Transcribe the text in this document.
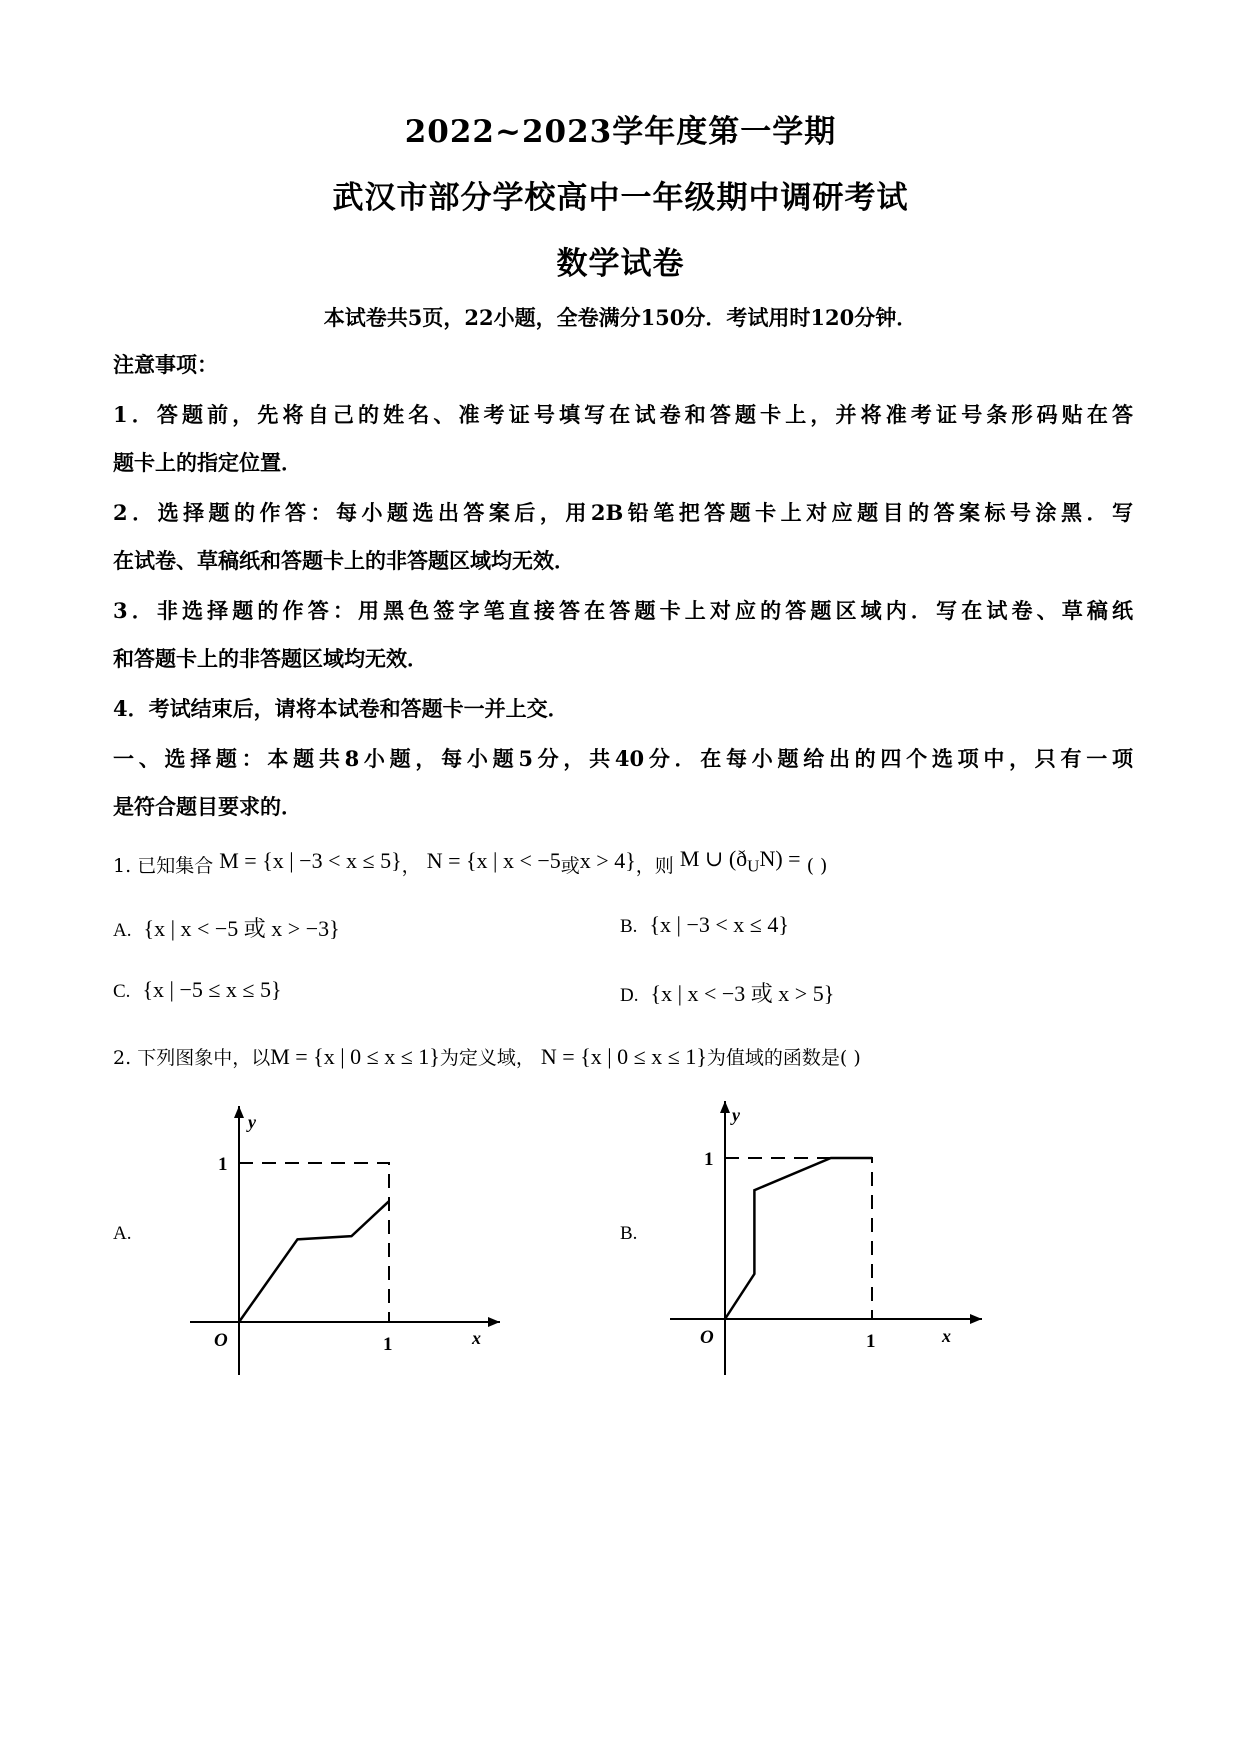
2022~2023学年度第一学期
武汉市部分学校高中一年级期中调研考试
数学试卷
本试卷共5页，22小题，全卷满分150分．考试用时120分钟．
注意事项：
1．答题前，先将自己的姓名、准考证号填写在试卷和答题卡上，并将准考证号条形码贴在答
题卡上的指定位置．
2．选择题的作答：每小题选出答案后，用2B铅笔把答题卡上对应题目的答案标号涂黑．写
在试卷、草稿纸和答题卡上的非答题区域均无效．
3．非选择题的作答：用黑色签字笔直接答在答题卡上对应的答题区域内．写在试卷、草稿纸
和答题卡上的非答题区域均无效．
4．考试结束后，请将本试卷和答题卡一并上交．
一、选择题：本题共8小题，每小题5分，共40分．在每小题给出的四个选项中，只有一项
是符合题目要求的．
1. 已知集合 M = {x | −3 < x ≤ 5}， N = {x | x < −5或x > 4}，则 M ∪ $(ð_UN)$ = ( )
A. {x | x < −5 或 x > −3}	B. {x | −3 < x ≤ 4}
C. {x | −5 ≤ x ≤ 5}	D. {x | x < −3 或 x > 5}
2. 下列图象中，以M = {x | 0 ≤ x ≤ 1}为定义域， N = {x | 0 ≤ x ≤ 1}为值域的函数是( )
A.
y
x
O
1
1
B.
y
x
O
1
1
